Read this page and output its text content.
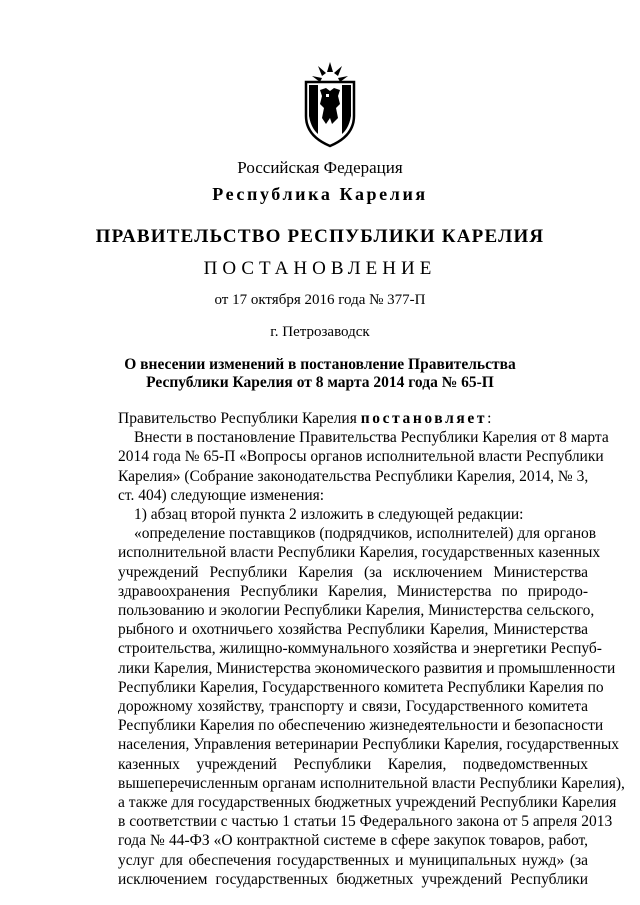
Российская Федерация
Республика Карелия
ПРАВИТЕЛЬСТВО РЕСПУБЛИКИ КАРЕЛИЯ
ПОСТАНОВЛЕНИЕ
от 17 октября 2016 года № 377-П
г. Петрозаводск
О внесении изменений в постановление Правительства
Республики Карелия от 8 марта 2014 года № 65-П

Правительство Республики Карелия постановляет:

Внести в постановление Правительства Республики Карелия от 8 марта

2014 года № 65-П «Вопросы органов исполнительной власти Республики

Карелия» (Собрание законодательства Республики Карелия, 2014, № 3,

ст. 404) следующие изменения:

1) абзац второй пункта 2 изложить в следующей редакции:

«определение поставщиков (подрядчиков, исполнителей) для органов

исполнительной власти Республики Карелия, государственных казенных

учреждений Республики Карелия (за исключением Министерства

здравоохранения Республики Карелия, Министерства по природо-

пользованию и экологии Республики Карелия, Министерства сельского,

рыбного и охотничьего хозяйства Республики Карелия, Министерства

строительства, жилищно-коммунального хозяйства и энергетики Респуб-

лики Карелия, Министерства экономического развития и промышленности

Республики Карелия, Государственного комитета Республики Карелия по

дорожному хозяйству, транспорту и связи, Государственного комитета

Республики Карелия по обеспечению жизнедеятельности и безопасности

населения, Управления ветеринарии Республики Карелия, государственных

казенных учреждений Республики Карелия, подведомственных

вышеперечисленным органам исполнительной власти Республики Карелия),

а также для государственных бюджетных учреждений Республики Карелия

в соответствии с частью 1 статьи 15 Федерального закона от 5 апреля 2013

года № 44-ФЗ «О контрактной системе в сфере закупок товаров, работ,

услуг для обеспечения государственных и муниципальных нужд» (за

исключением государственных бюджетных учреждений Республики
